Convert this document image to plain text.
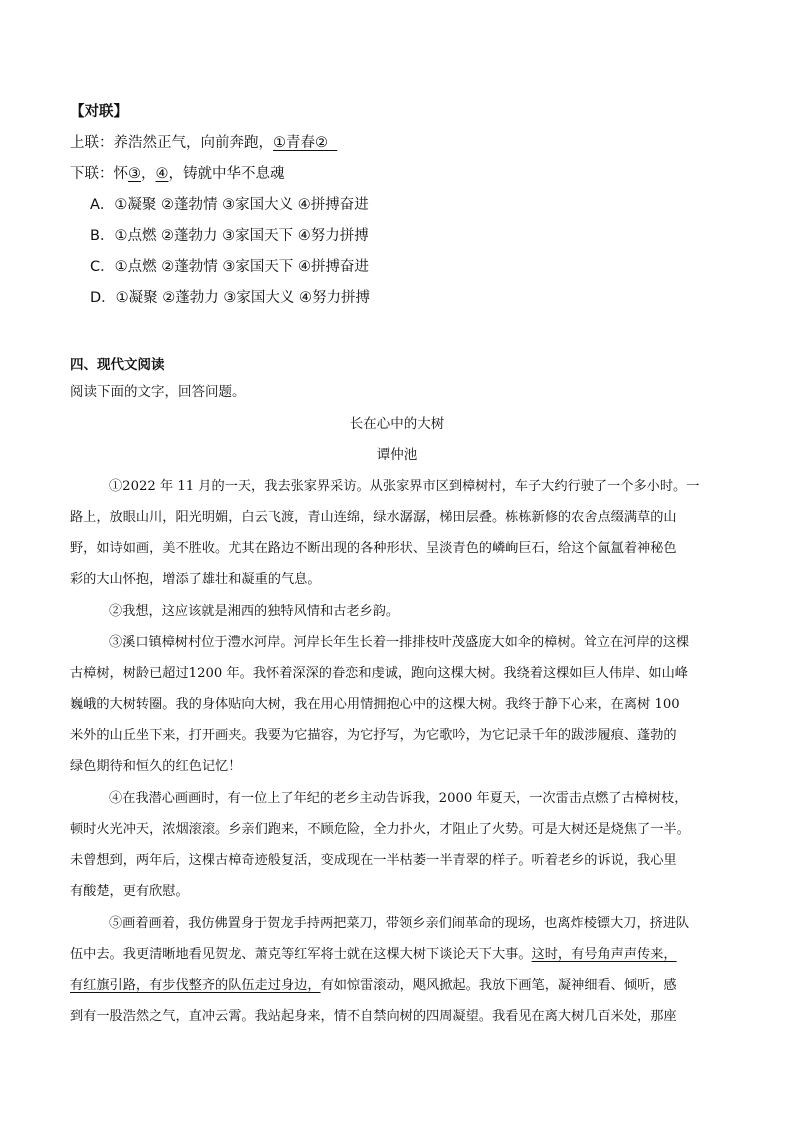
【对联】
上联：养浩然正气，向前奔跑，①青春②
下联：怀③，④，铸就中华不息魂
A．①凝聚 ②蓬勃情 ③家国大义 ④拼搏奋进
B．①点燃 ②蓬勃力 ③家国天下 ④努力拼搏
C．①点燃 ②蓬勃情 ③家国天下 ④拼搏奋进
D．①凝聚 ②蓬勃力 ③家国大义 ④努力拼搏
四、现代文阅读
阅读下面的文字，回答问题。
长在心中的大树
谭仲池
①2022 年 11 月的一天，我去张家界采访。从张家界市区到樟树村，车子大约行驶了一个多小时。一
路上，放眼山川，阳光明媚，白云飞渡，青山连绵，绿水潺潺，梯田层叠。栋栋新修的农舍点缀满草的山
野，如诗如画，美不胜收。尤其在路边不断出现的各种形状、呈淡青色的嶙峋巨石，给这个氤氲着神秘色
彩的大山怀抱，增添了雄壮和凝重的气息。
②我想，这应该就是湘西的独特风情和古老乡韵。
③溪口镇樟树村位于澧水河岸。河岸长年生长着一排排枝叶茂盛庞大如伞的樟树。耸立在河岸的这棵
古樟树，树龄已超过1200 年。我怀着深深的眷恋和虔诚，跑向这棵大树。我绕着这棵如巨人伟岸、如山峰
巍峨的大树转圈。我的身体贴向大树，我在用心用情拥抱心中的这棵大树。我终于静下心来，在离树 100
米外的山丘坐下来，打开画夹。我要为它描容，为它抒写，为它歌吟，为它记录千年的跋涉履痕、蓬勃的
绿色期待和恒久的红色记忆！
④在我潜心画画时，有一位上了年纪的老乡主动告诉我，2000 年夏天，一次雷击点燃了古樟树枝，
顿时火光冲天，浓烟滚滚。乡亲们跑来，不顾危险，全力扑火，才阻止了火势。可是大树还是烧焦了一半。
未曾想到，两年后，这棵古樟奇迹般复活，变成现在一半枯萎一半青翠的样子。听着老乡的诉说，我心里
有酸楚，更有欣慰。
⑤画着画着，我仿佛置身于贺龙手持两把菜刀，带领乡亲们闹革命的现场，也离炸棱镖大刀，挤进队
伍中去。我更清晰地看见贺龙、萧克等红军将士就在这棵大树下谈论天下大事。这时，有号角声声传来，
有红旗引路，有步伐整齐的队伍走过身边，有如惊雷滚动，飓风掀起。我放下画笔，凝神细看、倾听，感
到有一股浩然之气，直冲云霄。我站起身来，情不自禁向树的四周凝望。我看见在离大树几百米处，那座
